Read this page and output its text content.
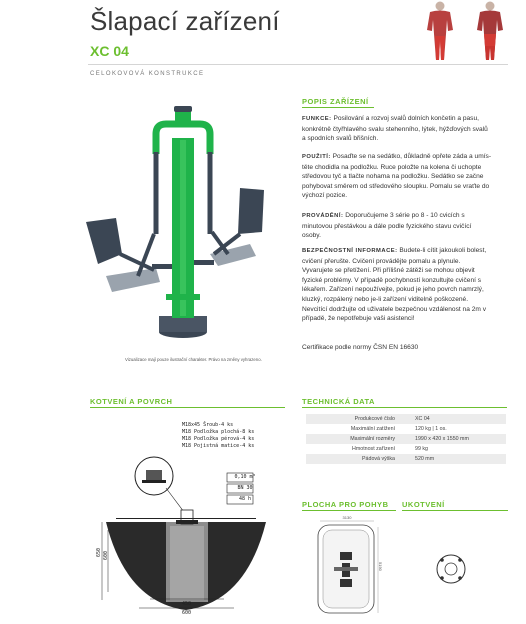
Šlapací zařízení
XC 04
CELOKOVOVÁ KONSTRUKCE
Vizualizace mají pouze ilustrační charakter. Právo na změny vyhrazeno.
POPIS ZAŘÍZENÍ
FUNKCE: Posilování a rozvoj svalů dolních končetin a pasu, konkrétně čtyřhlavého svalu stehenního, lýtek, hýžďových svalů a spodních svalů břišních.
POUŽITÍ: Posaďte se na sedátko, důkladně opřete záda a umís-těte chodidla na podložku. Ruce položte na kolena či uchopte středovou tyč a tlačte nohama na podložku. Sedátko se začne pohybovat směrem od středového sloupku. Pomalu se vraťte do výchozí pozice.
PROVÁDĚNÍ: Doporučujeme 3 série po 8 - 10 cvicích s minutovou přestávkou a dále podle fyzického stavu cvičící osoby.
BEZPEČNOSTNÍ INFORMACE: Budete-li cítit jakoukoli bolest, cvičení přerušte. Cvičení provádějte pomalu a plynule. Vyvarujete se přetížení. Při přílišné zátěži se mohou objevit fyzické problémy. V případě pochybností konzultujte cvičení s lékařem. Zařízení nepoužívejte, pokud je jeho povrch namrzlý, kluzký, rozpálený nebo je-li zařízení viditelně poškozené. Nevcitící dodržujte od uživatele bezpečnou vzdálenost na 2m v případě, že nepotřebuje vaši asistenci!
Certifikace podle normy ČSN EN 16630
KOTVENÍ A POVRCH
M18x45 Šroub-4 ks
M18 Podložka plochá-8 ks
M18 Podložka pérová-4 ks
M18 Pojistná matice-4 ks
0,10 m³
BN 30
48 h
450
600
650 600
TECHNICKÁ DATA
Produkcové číslo	XC 04
Maximální zatížení	120 kg | 1 os.
Maximální rozměry	1990 x 420 x 1550 mm
Hmotnost zařízení	99 kg
Pádová výška	520 mm
PLOCHA PRO POHYB
3130
5190
UKOTVENÍ
